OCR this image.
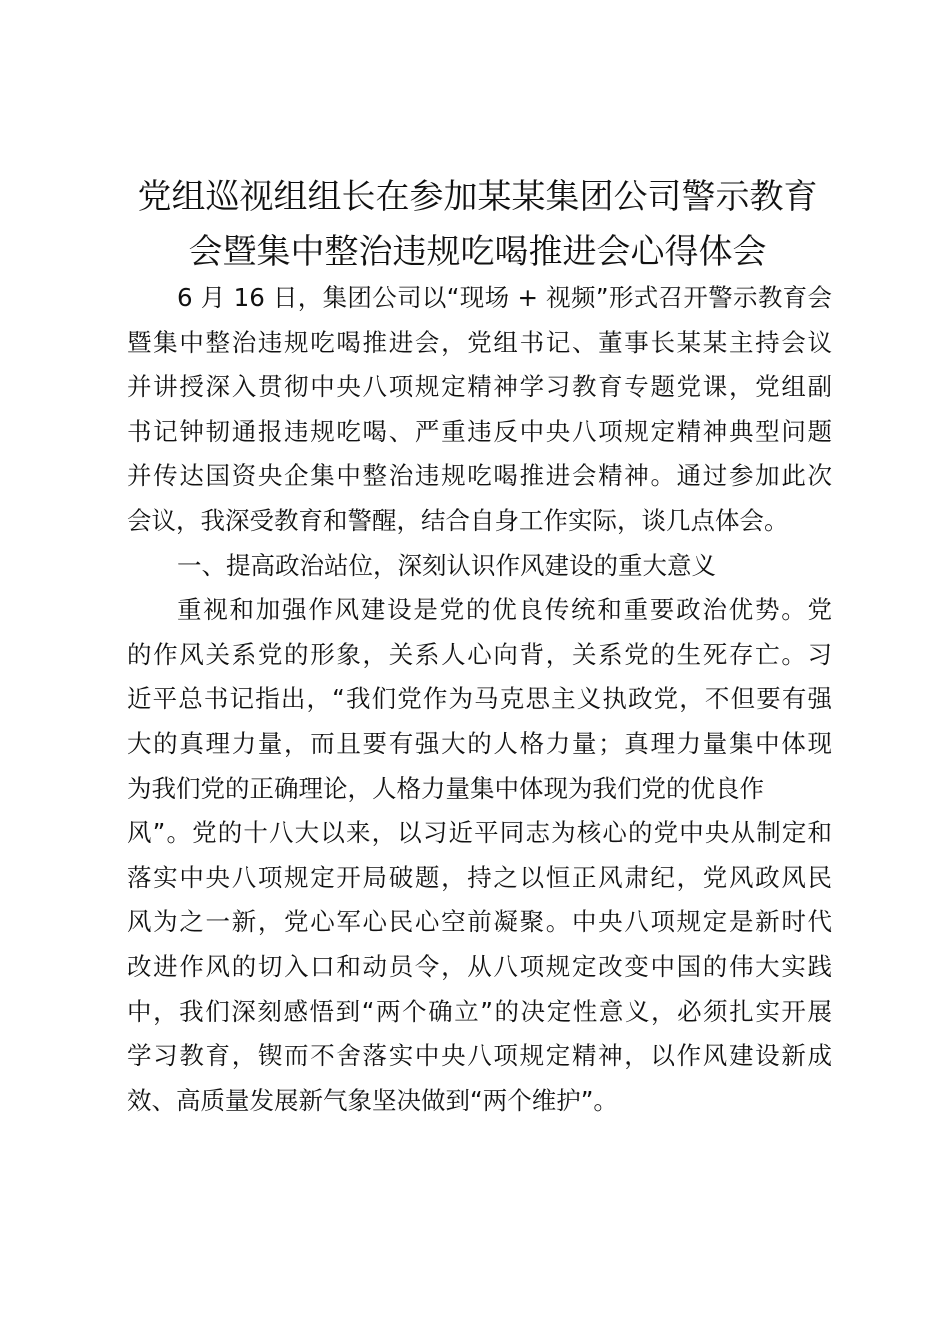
党组巡视组组长在参加某某集团公司警示教育
会暨集中整治违规吃喝推进会心得体会
6 月 16 日，集团公司以“现场 + 视频”形式召开警示教育会
暨集中整治违规吃喝推进会，党组书记、董事长某某主持会议
并讲授深入贯彻中央八项规定精神学习教育专题党课，党组副
书记钟韧通报违规吃喝、严重违反中央八项规定精神典型问题
并传达国资央企集中整治违规吃喝推进会精神。通过参加此次
会议，我深受教育和警醒，结合自身工作实际，谈几点体会。
一、提高政治站位，深刻认识作风建设的重大意义
重视和加强作风建设是党的优良传统和重要政治优势。党
的作风关系党的形象，关系人心向背，关系党的生死存亡。习
近平总书记指出，“我们党作为马克思主义执政党，不但要有强
大的真理力量，而且要有强大的人格力量；真理力量集中体现
为我们党的正确理论，人格力量集中体现为我们党的优良作
风”。党的十八大以来，以习近平同志为核心的党中央从制定和
落实中央八项规定开局破题，持之以恒正风肃纪，党风政风民
风为之一新，党心军心民心空前凝聚。中央八项规定是新时代
改进作风的切入口和动员令，从八项规定改变中国的伟大实践
中，我们深刻感悟到“两个确立”的决定性意义，必须扎实开展
学习教育，锲而不舍落实中央八项规定精神，以作风建设新成
效、高质量发展新气象坚决做到“两个维护”。
